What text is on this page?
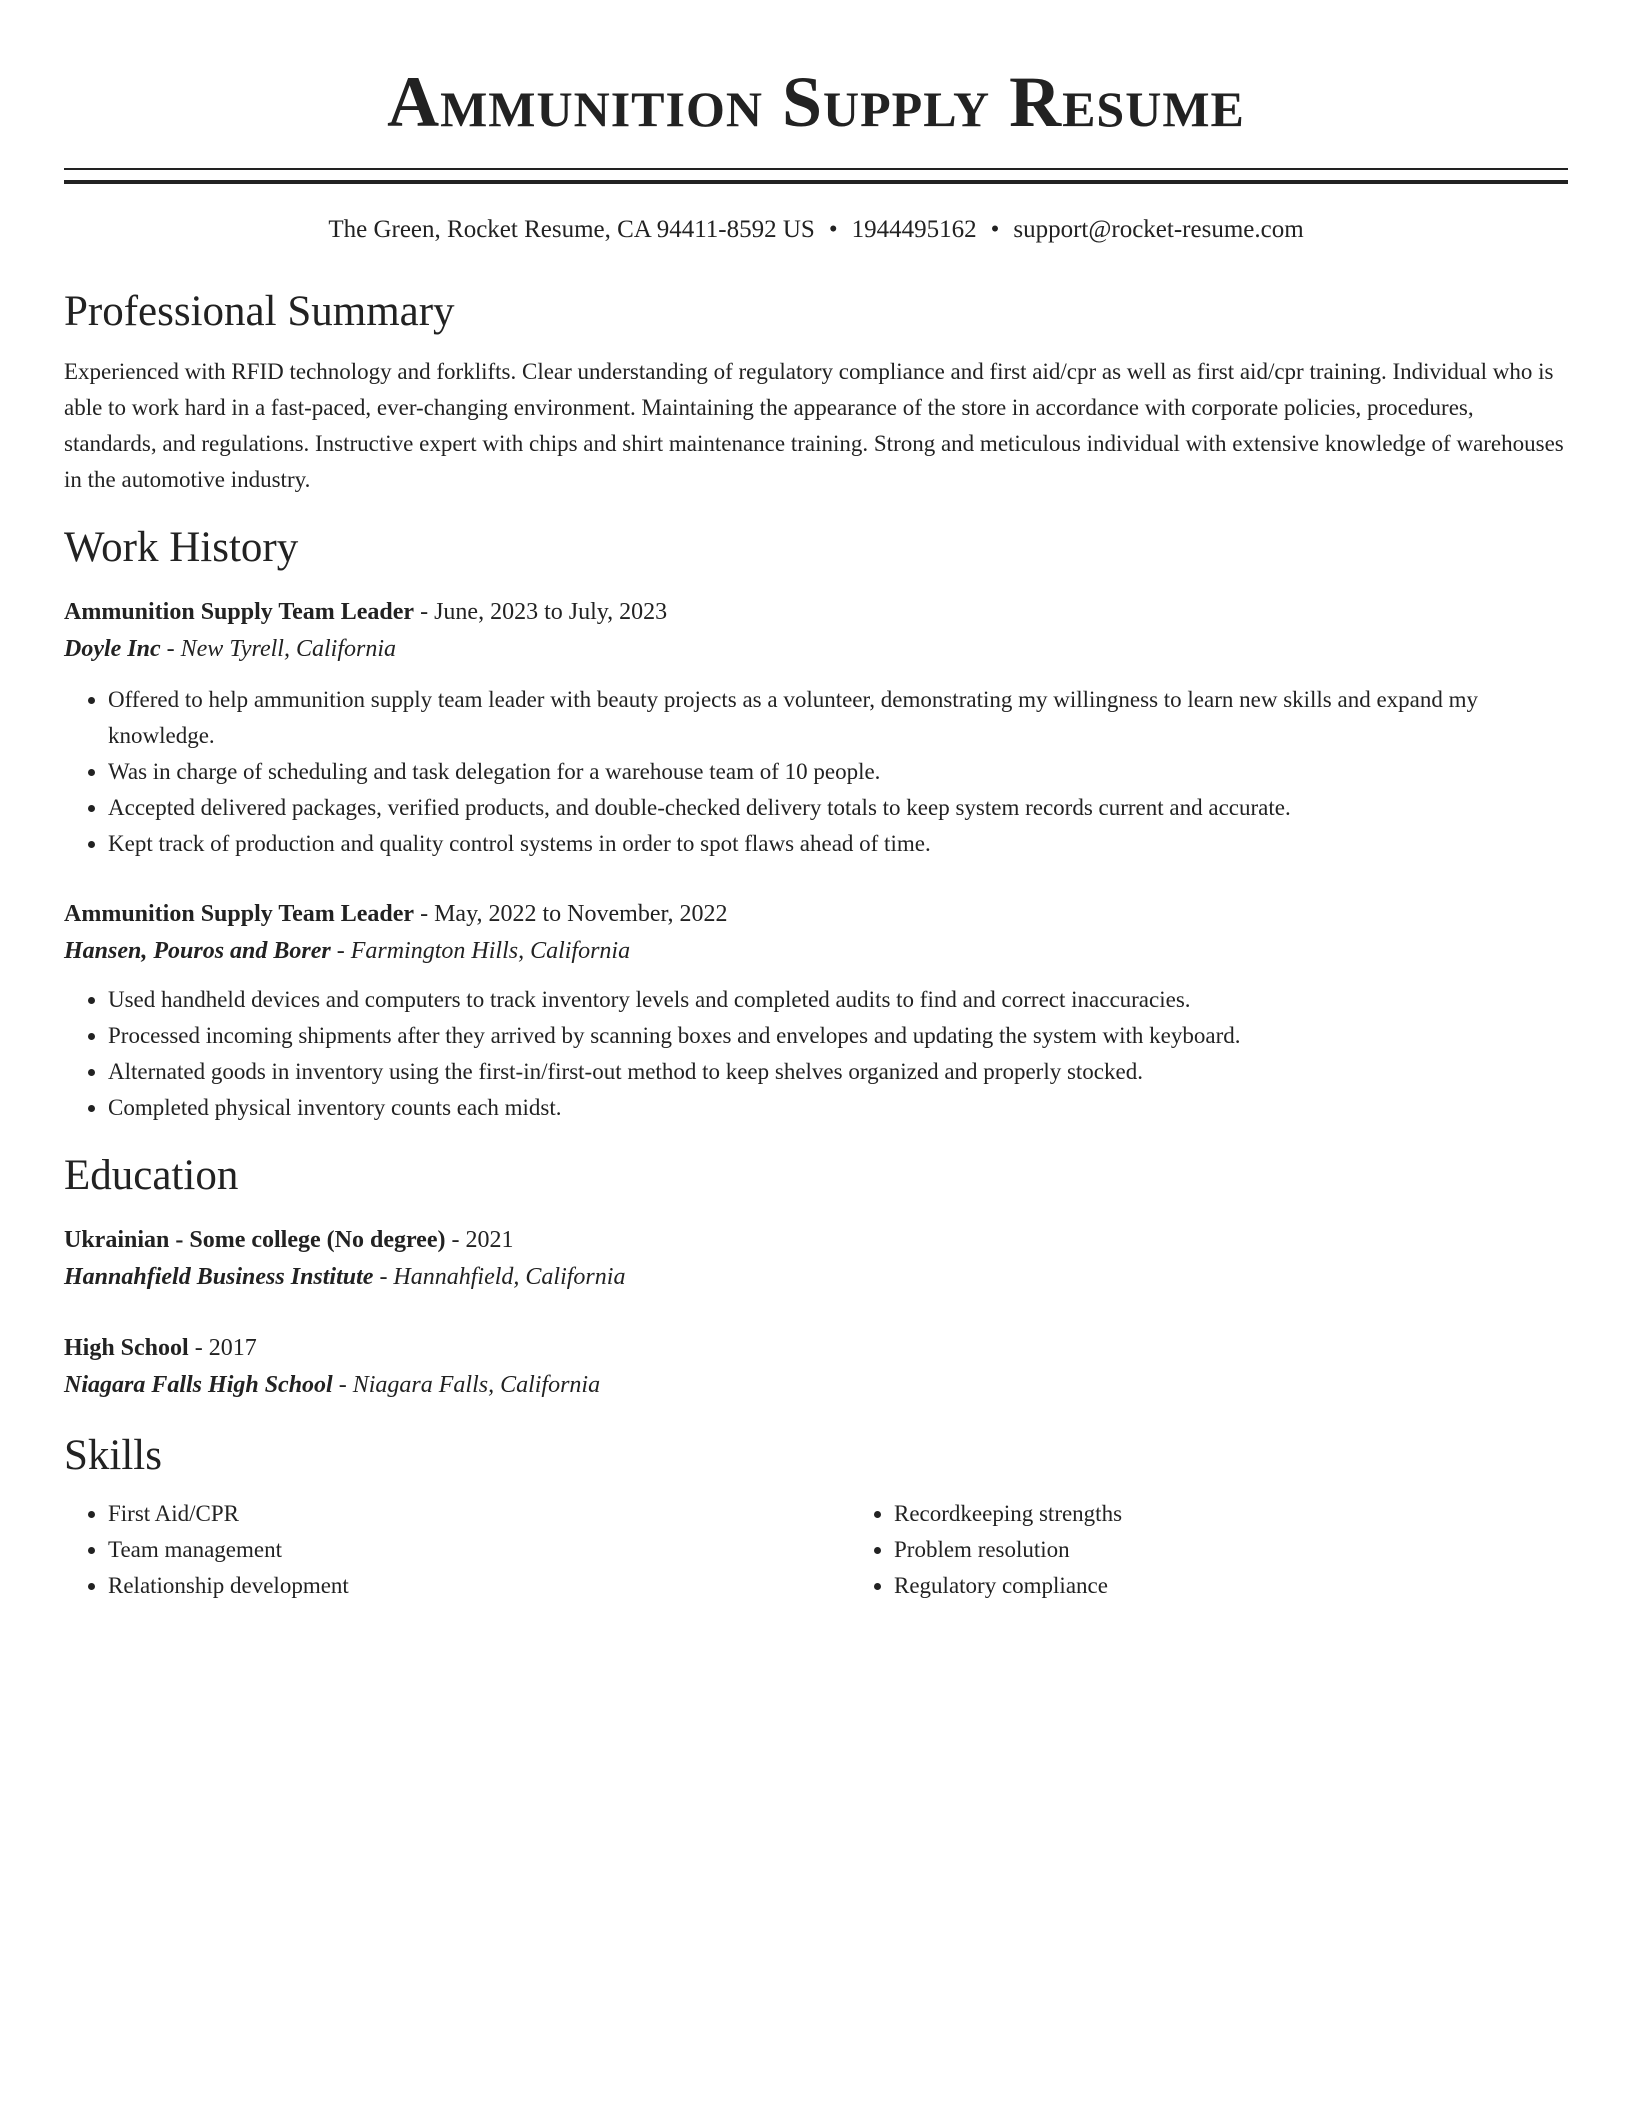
Ammunition Supply Resume
The Green, Rocket Resume, CA 94411-8592 US • 1944495162 • support@rocket-resume.com
Professional Summary

Experienced with RFID technology and forklifts. Clear understanding of regulatory compliance and first aid/cpr as well as first aid/cpr training. Individual who is able to work hard in a fast-paced, ever-changing environment. Maintaining the appearance of the store in accordance with corporate policies, procedures, standards, and regulations. Instructive expert with chips and shirt maintenance training. Strong and meticulous individual with extensive knowledge of warehouses in the automotive industry.

Work History
Ammunition Supply Team Leader - June, 2023 to July, 2023
Doyle Inc - New Tyrell, California
• Offered to help ammunition supply team leader with beauty projects as a volunteer, demonstrating my willingness to learn new skills and expand my knowledge.
• Was in charge of scheduling and task delegation for a warehouse team of 10 people.
• Accepted delivered packages, verified products, and double-checked delivery totals to keep system records current and accurate.
• Kept track of production and quality control systems in order to spot flaws ahead of time.
Ammunition Supply Team Leader - May, 2022 to November, 2022
Hansen, Pouros and Borer - Farmington Hills, California
• Used handheld devices and computers to track inventory levels and completed audits to find and correct inaccuracies.
• Processed incoming shipments after they arrived by scanning boxes and envelopes and updating the system with keyboard.
• Alternated goods in inventory using the first-in/first-out method to keep shelves organized and properly stocked.
• Completed physical inventory counts each midst.
Education
Ukrainian - Some college (No degree) - 2021
Hannahfield Business Institute - Hannahfield, California
High School - 2017
Niagara Falls High School - Niagara Falls, California
Skills
• First Aid/CPR
• Team management
• Relationship development
• Recordkeeping strengths
• Problem resolution
• Regulatory compliance
